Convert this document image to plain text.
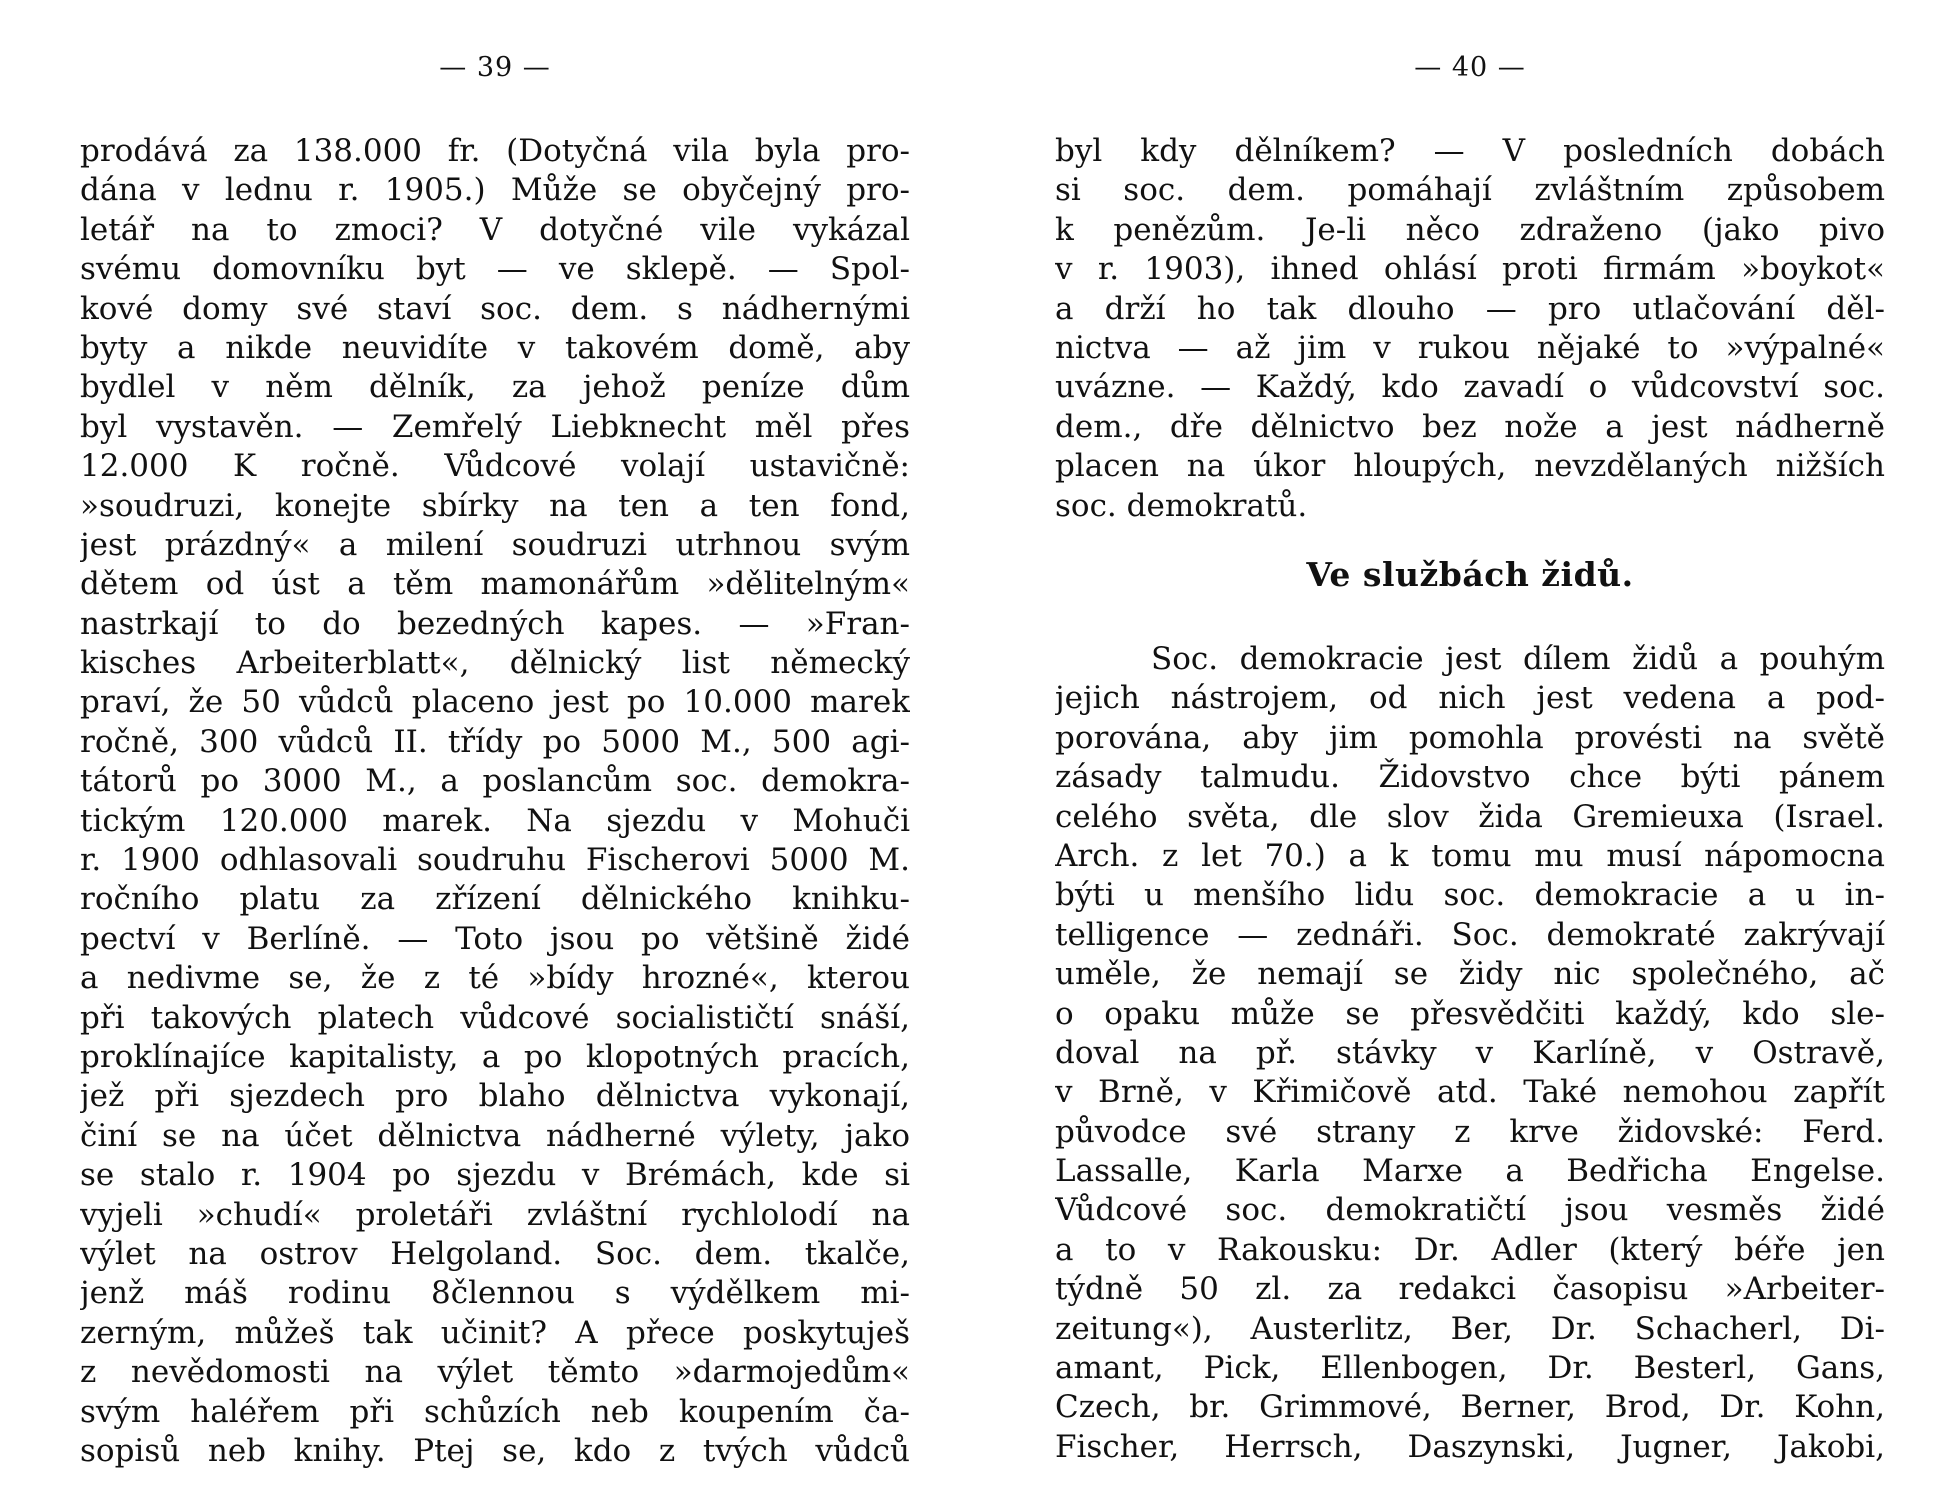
— 39 —
prodává za 138.000 fr. (Dotyčná vila byla pro-
dána v lednu r. 1905.) Může se obyčejný pro-
letář na to zmoci? V dotyčné vile vykázal
svému domovníku byt — ve sklepě. — Spol-
kové domy své staví soc. dem. s nádhernými
byty a nikde neuvidíte v takovém domě, aby
bydlel v něm dělník, za jehož peníze dům
byl vystavěn. — Zemřelý Liebknecht měl přes
12.000 K ročně. Vůdcové volají ustavičně:
»soudruzi, konejte sbírky na ten a ten fond,
jest prázdný« a milení soudruzi utrhnou svým
dětem od úst a těm mamonářům »dělitelným«
nastrkají to do bezedných kapes. — »Fran-
kisches Arbeiterblatt«, dělnický list německý
praví, že 50 vůdců placeno jest po 10.000 marek
ročně, 300 vůdců II. třídy po 5000 M., 500 agi-
tátorů po 3000 M., a poslancům soc. demokra-
tickým 120.000 marek. Na sjezdu v Mohuči
r. 1900 odhlasovali soudruhu Fischerovi 5000 M.
ročního platu za zřízení dělnického knihku-
pectví v Berlíně. — Toto jsou po většině židé
a nedivme se, že z té »bídy hrozné«, kterou
při takových platech vůdcové socialističtí snáší,
proklínajíce kapitalisty, a po klopotných pracích,
jež při sjezdech pro blaho dělnictva vykonají,
činí se na účet dělnictva nádherné výlety, jako
se stalo r. 1904 po sjezdu v Brémách, kde si
vyjeli »chudí« proletáři zvláštní rychlolodí na
výlet na ostrov Helgoland. Soc. dem. tkalče,
jenž máš rodinu 8člennou s výdělkem mi-
zerným, můžeš tak učinit? A přece poskytuješ
z nevědomosti na výlet těmto »darmojedům«
svým haléřem při schůzích neb koupením ča-
sopisů neb knihy. Ptej se, kdo z tvých vůdců
— 40 —
byl kdy dělníkem? — V posledních dobách
si soc. dem. pomáhají zvláštním způsobem
k penězům. Je-li něco zdraženo (jako pivo
v r. 1903), ihned ohlásí proti firmám »boykot«
a drží ho tak dlouho — pro utlačování děl-
nictva — až jim v rukou nějaké to »výpalné«
uvázne. — Každý, kdo zavadí o vůdcovství soc.
dem., dře dělnictvo bez nože a jest nádherně
placen na úkor hloupých, nevzdělaných nižších
soc. demokratů.
Ve službách židů.
Soc. demokracie jest dílem židů a pouhým
jejich nástrojem, od nich jest vedena a pod-
porována, aby jim pomohla provésti na světě
zásady talmudu. Židovstvo chce býti pánem
celého světa, dle slov žida Gremieuxa (Israel.
Arch. z let 70.) a k tomu mu musí nápomocna
býti u menšího lidu soc. demokracie a u in-
telligence — zednáři. Soc. demokraté zakrývají
uměle, že nemají se židy nic společného, ač
o opaku může se přesvědčiti každý, kdo sle-
doval na př. stávky v Karlíně, v Ostravě,
v Brně, v Křimičově atd. Také nemohou zapřít
původce své strany z krve židovské: Ferd.
Lassalle, Karla Marxe a Bedřicha Engelse.
Vůdcové soc. demokratičtí jsou vesměs židé
a to v Rakousku: Dr. Adler (který béře jen
týdně 50 zl. za redakci časopisu »Arbeiter-
zeitung«), Austerlitz, Ber, Dr. Schacherl, Di-
amant, Pick, Ellenbogen, Dr. Besterl, Gans,
Czech, br. Grimmové, Berner, Brod, Dr. Kohn,
Fischer, Herrsch, Daszynski, Jugner, Jakobi,
